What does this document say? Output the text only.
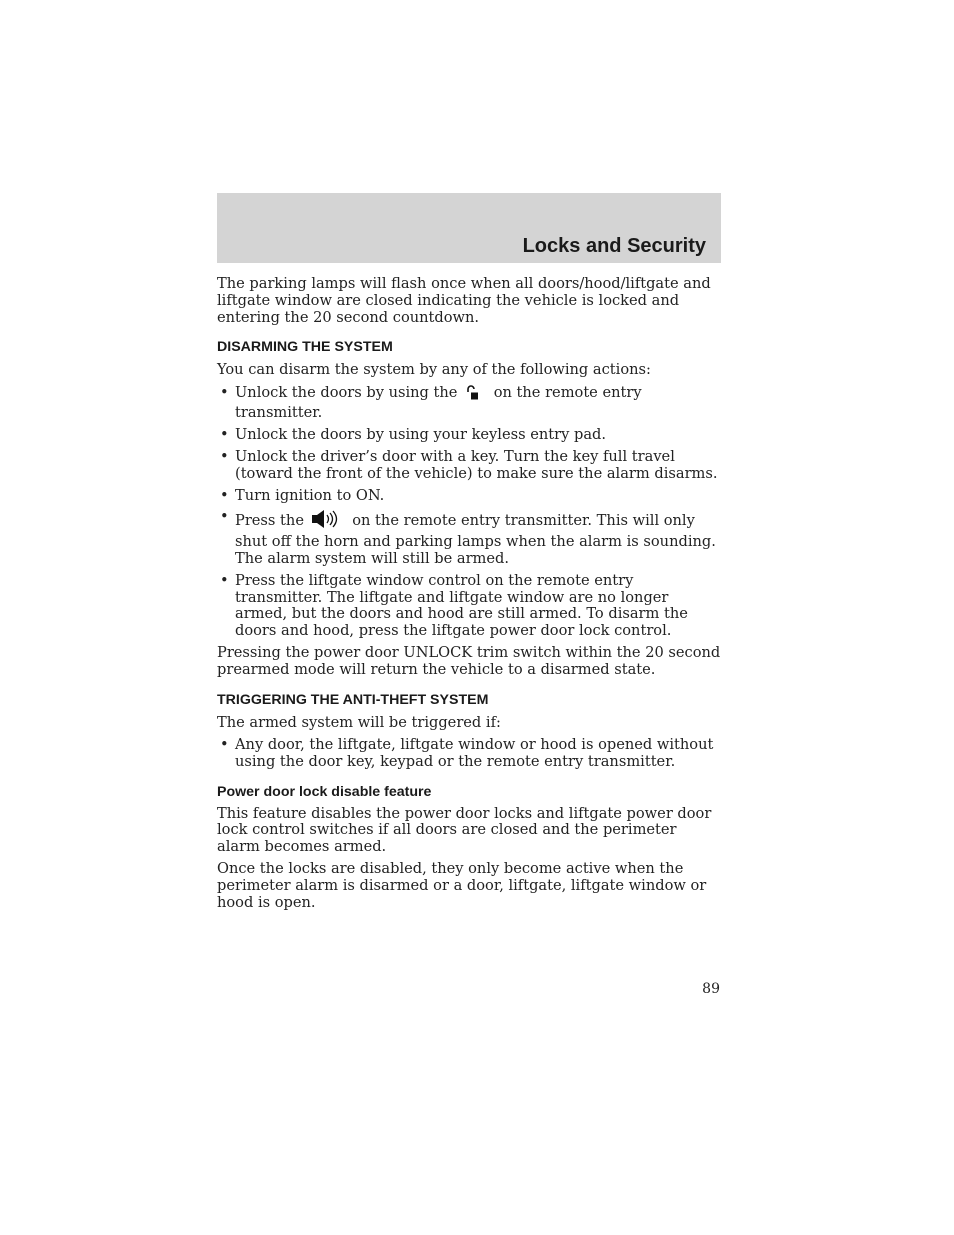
Locks and Security

The parking lamps will flash once when all doors/hood/liftgate and liftgate window are closed indicating the vehicle is locked and entering the 20 second countdown.

DISARMING THE SYSTEM

You can disarm the system by any of the following actions:

• Unlock the doors by using the on the remote entry transmitter.
• Unlock the doors by using your keyless entry pad.
• Unlock the driver’s door with a key. Turn the key full travel (toward the front of the vehicle) to make sure the alarm disarms.
• Turn ignition to ON.
• Press the	on the remote entry transmitter. This will only shut off the horn and parking lamps when the alarm is sounding. The alarm system will still be armed.
• Press the liftgate window control on the remote entry transmitter. The liftgate and liftgate window are no longer armed, but the doors and hood are still armed. To disarm the doors and hood, press the liftgate power door lock control.

Pressing the power door UNLOCK trim switch within the 20 second prearmed mode will return the vehicle to a disarmed state.

TRIGGERING THE ANTI-THEFT SYSTEM

The armed system will be triggered if:

• Any door, the liftgate, liftgate window or hood is opened without using the door key, keypad or the remote entry transmitter.
Power door lock disable feature

This feature disables the power door locks and liftgate power door lock control switches if all doors are closed and the perimeter alarm becomes armed.

Once the locks are disabled, they only become active when the perimeter alarm is disarmed or a door, liftgate, liftgate window or hood is open.

89
